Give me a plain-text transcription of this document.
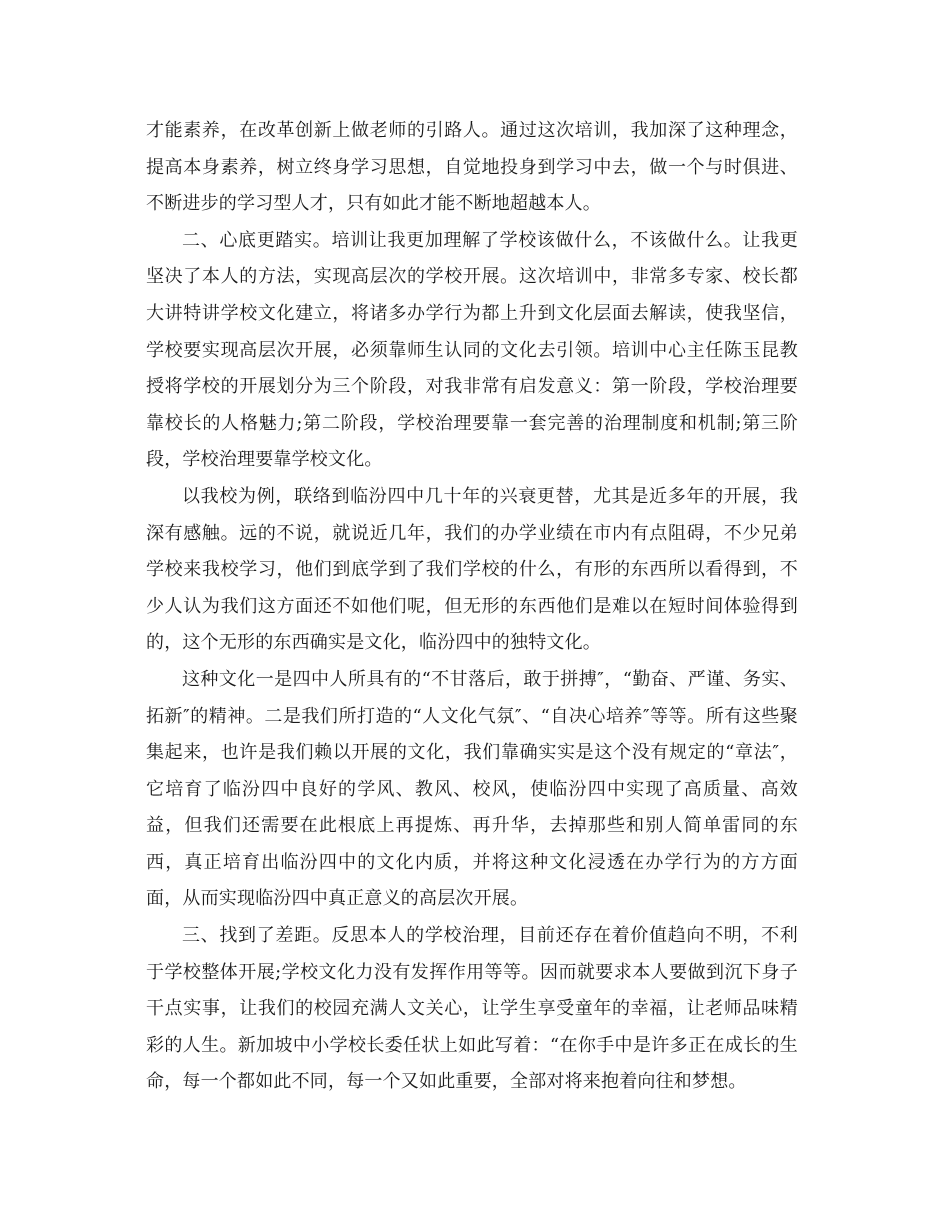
才能素养，在改革创新上做老师的引路人。通过这次培训，我加深了这种理念，提高本身素养，树立终身学习思想，自觉地投身到学习中去，做一个与时俱进、不断进步的学习型人才，只有如此才能不断地超越本人。

二、心底更踏实。培训让我更加理解了学校该做什么，不该做什么。让我更坚决了本人的方法，实现高层次的学校开展。这次培训中，非常多专家、校长都大讲特讲学校文化建立，将诸多办学行为都上升到文化层面去解读，使我坚信，学校要实现高层次开展，必须靠师生认同的文化去引领。培训中心主任陈玉昆教授将学校的开展划分为三个阶段，对我非常有启发意义：第一阶段，学校治理要靠校长的人格魅力;第二阶段，学校治理要靠一套完善的治理制度和机制;第三阶段，学校治理要靠学校文化。

以我校为例，联络到临汾四中几十年的兴衰更替，尤其是近多年的开展，我深有感触。远的不说，就说近几年，我们的办学业绩在市内有点阻碍，不少兄弟学校来我校学习，他们到底学到了我们学校的什么，有形的东西所以看得到，不少人认为我们这方面还不如他们呢，但无形的东西他们是难以在短时间体验得到的，这个无形的东西确实是文化，临汾四中的独特文化。

这种文化一是四中人所具有的“不甘落后，敢于拼搏″，“勤奋、严谨、务实、拓新″的精神。二是我们所打造的“人文化气氛″、“自决心培养″等等。所有这些聚集起来，也许是我们赖以开展的文化，我们靠确实实是这个没有规定的“章法″，它培育了临汾四中良好的学风、教风、校风，使临汾四中实现了高质量、高效益，但我们还需要在此根底上再提炼、再升华，去掉那些和别人简单雷同的东西，真正培育出临汾四中的文化内质，并将这种文化浸透在办学行为的方方面面，从而实现临汾四中真正意义的高层次开展。

三、找到了差距。反思本人的学校治理，目前还存在着价值趋向不明，不利于学校整体开展;学校文化力没有发挥作用等等。因而就要求本人要做到沉下身子干点实事，让我们的校园充满人文关心，让学生享受童年的幸福，让老师品味精彩的人生。新加坡中小学校长委任状上如此写着：“在你手中是许多正在成长的生命，每一个都如此不同，每一个又如此重要，全部对将来抱着向往和梦想。
